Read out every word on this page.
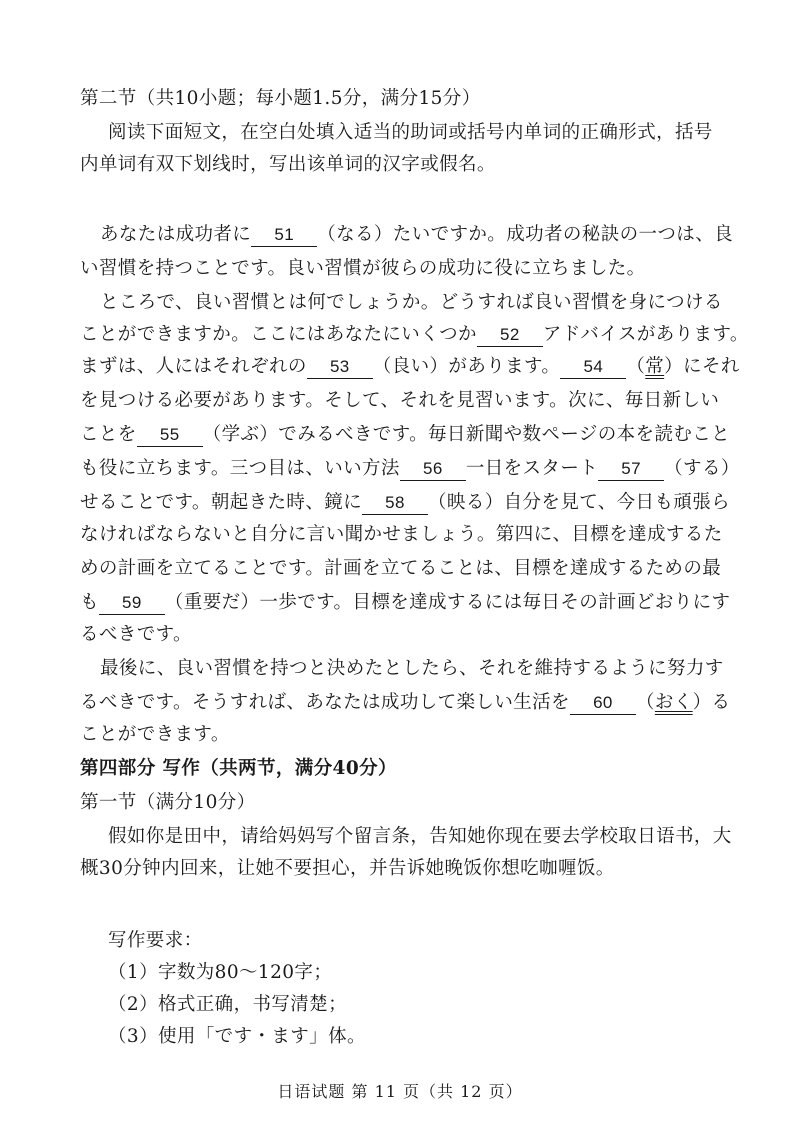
第二节（共10小题；每小题1.5分，满分15分）
阅读下面短文，在空白处填入适当的助词或括号内单词的正确形式，括号
内单词有双下划线时，写出该单词的汉字或假名。
あなたは成功者に 51 （なる）たいですか。成功者の秘訣の一つは、良
い習慣を持つことです。良い習慣が彼らの成功に役に立ちました。
ところで、良い習慣とは何でしょうか。どうすれば良い習慣を身につける
ことができますか。ここにはあなたにいくつか 52 アドバイスがあります。
まずは、人にはそれぞれの 53 （良い）があります。 54 （常）にそれ
を見つける必要があります。そして、それを見習います。次に、毎日新しい
ことを 55 （学ぶ）でみるべきです。毎日新聞や数ページの本を読むこと
も役に立ちます。三つ目は、いい方法 56 一日をスタート 57 （する）
せることです。朝起きた時、鏡に 58 （映る）自分を見て、今日も頑張ら
なければならないと自分に言い聞かせましょう。第四に、目標を達成するた
めの計画を立てることです。計画を立てることは、目標を達成するための最
も 59 （重要だ）一歩です。目標を達成するには毎日その計画どおりにす
るべきです。
最後に、良い習慣を持つと決めたとしたら、それを維持するように努力す
るべきです。そうすれば、あなたは成功して楽しい生活を 60 （おく）る
ことができます。
第四部分 写作（共两节，满分40分）
第一节（满分10分）
假如你是田中，请给妈妈写个留言条，告知她你现在要去学校取日语书，大
概30分钟内回来，让她不要担心，并告诉她晚饭你想吃咖喱饭。
写作要求：
（1）字数为80～120字；
（2）格式正确，书写清楚；
（3）使用「です・ます」体。
日语试题 第 11 页（共 12 页）
